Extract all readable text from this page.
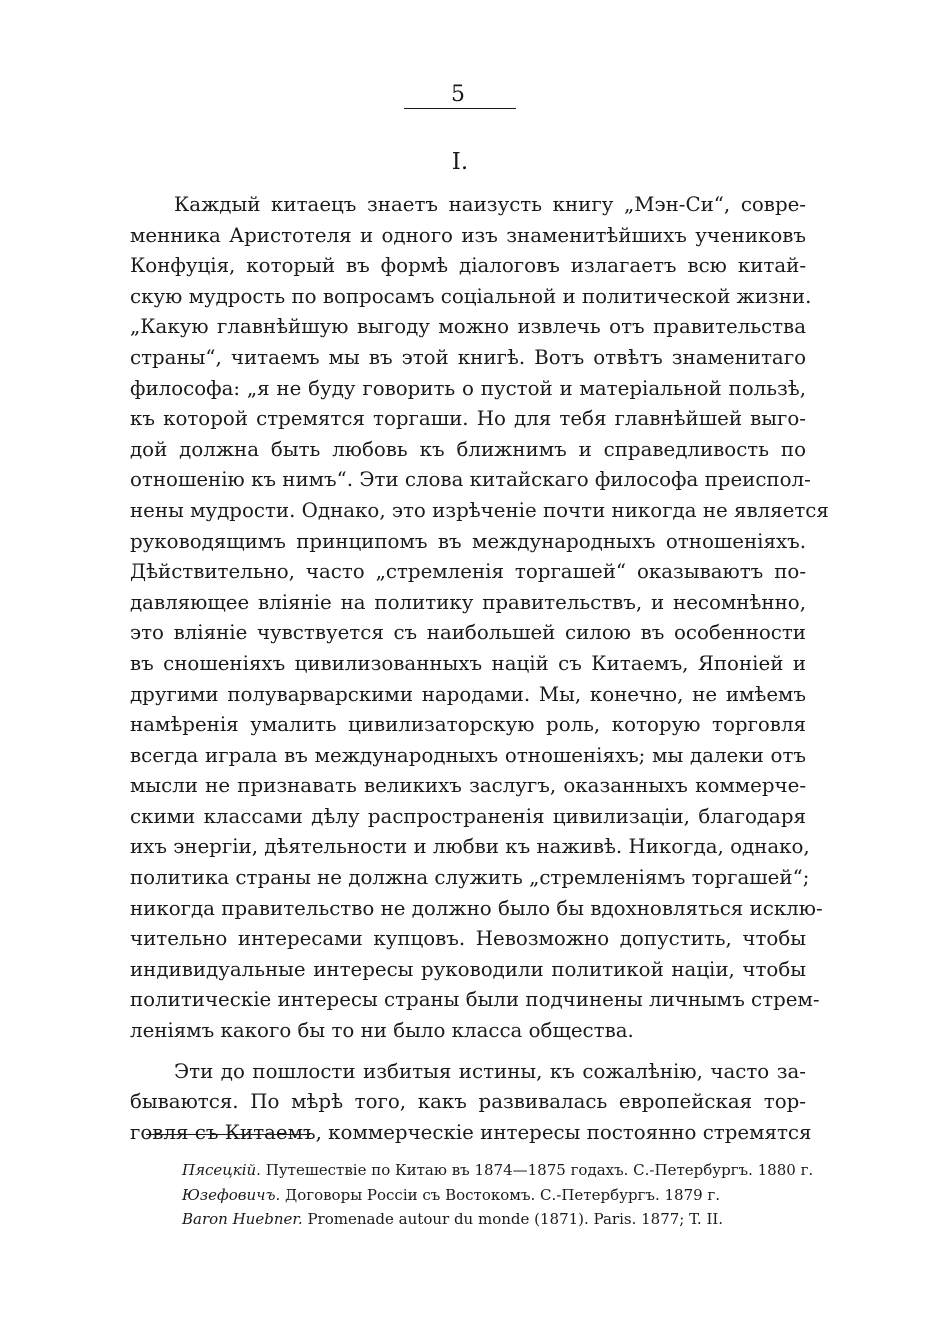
5
I.
Каждый китаецъ знаетъ наизусть книгу „Мэн-Си“, совре-
менника Аристотеля и одного изъ знаменитѣйшихъ учениковъ
Конфуція, который въ формѣ діалоговъ излагаетъ всю китай-
скую мудрость по вопросамъ соціальной и политической жизни.
„Какую главнѣйшую выгоду можно извлечь отъ правительства
страны“, читаемъ мы въ этой книгѣ. Вотъ отвѣтъ знаменитаго
философа: „я не буду говорить о пустой и матеріальной пользѣ,
къ которой стремятся торгаши. Но для тебя главнѣйшей выго-
дой должна быть любовь къ ближнимъ и справедливость по
отношенію къ нимъ“. Эти слова китайскаго философа преиспол-
нены мудрости. Однако, это изрѣченіе почти никогда не является
руководящимъ принципомъ въ международныхъ отношеніяхъ.
Дѣйствительно, часто „стремленія торгашей“ оказываютъ по-
давляющее вліяніе на политику правительствъ, и несомнѣнно,
это вліяніе чувствуется съ наибольшей силою въ особенности
въ сношеніяхъ цивилизованныхъ націй съ Китаемъ, Японіей и
другими полуварварскими народами. Мы, конечно, не имѣемъ
намѣренія умалить цивилизаторскую роль, которую торговля
всегда играла въ международныхъ отношеніяхъ; мы далеки отъ
мысли не признавать великихъ заслугъ, оказанныхъ коммерче-
скими классами дѣлу распространенія цивилизаціи, благодаря
ихъ энергіи, дѣятельности и любви къ наживѣ. Никогда, однако,
политика страны не должна служить „стремленіямъ торгашей“;
никогда правительство не должно было бы вдохновляться исклю-
чительно интересами купцовъ. Невозможно допустить, чтобы
индивидуальные интересы руководили политикой націи, чтобы
политическіе интересы страны были подчинены личнымъ стрем-
леніямъ какого бы то ни было класса общества.
Эти до пошлости избитыя истины, къ сожалѣнію, часто за-
бываются. По мѣрѣ того, какъ развивалась европейская тор-
говля съ Китаемъ, коммерческіе интересы постоянно стремятся
Пясецкій. Путешествіе по Китаю въ 1874—1875 годахъ. С.-Петербургъ. 1880 г.
Юзефовичъ. Договоры Россіи съ Востокомъ. С.-Петербургъ. 1879 г.
Baron Huebner. Promenade autour du monde (1871). Paris. 1877; T. II.
